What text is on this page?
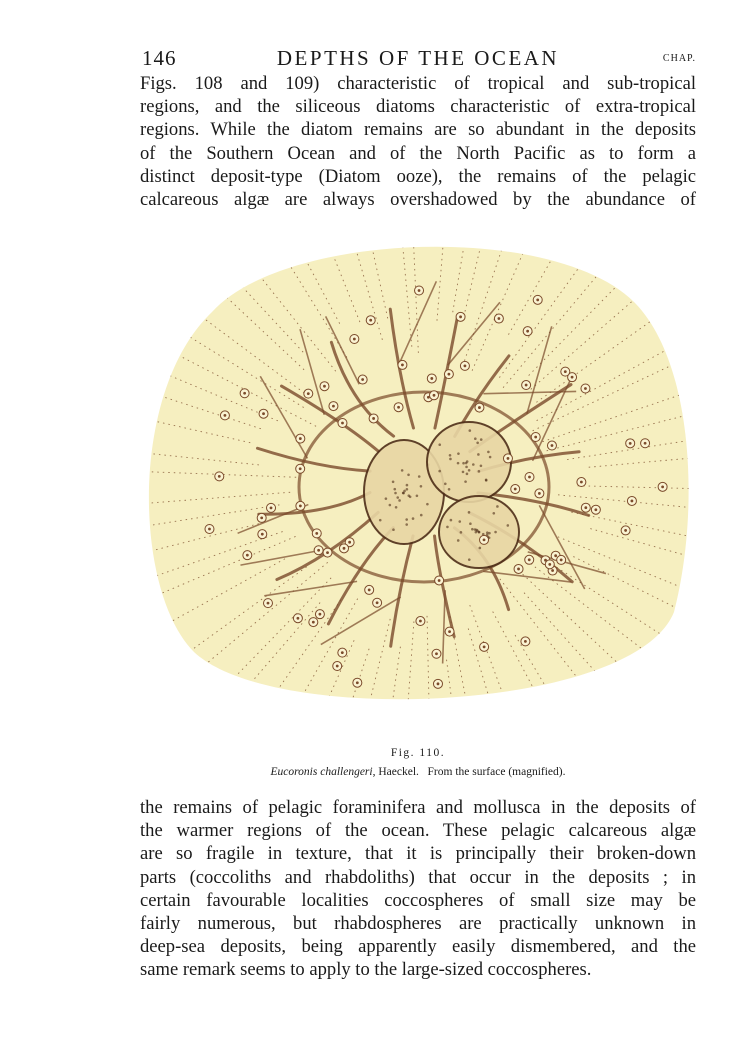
146	DEPTHS OF THE OCEAN	CHAP.
Figs. 108 and 109) characteristic of tropical and sub-tropical
regions, and the siliceous diatoms characteristic of extra-tropical
regions. While the diatom remains are so abundant in the deposits
of the Southern Ocean and of the North Pacific as to form a
distinct deposit-type (Diatom ooze), the remains of the pelagic
calcareous algæ are always overshadowed by the abundance of
Fig. 110.
Eucoronis challengeri, Haeckel. From the surface (magnified).
the remains of pelagic foraminifera and mollusca in the deposits of
the warmer regions of the ocean. These pelagic calcareous algæ
are so fragile in texture, that it is principally their broken-down
parts (coccoliths and rhabdoliths) that occur in the deposits ; in
certain favourable localities coccospheres of small size may be
fairly numerous, but rhabdospheres are practically unknown in
deep-sea deposits, being apparently easily dismembered, and the
same remark seems to apply to the large-sized coccospheres.
